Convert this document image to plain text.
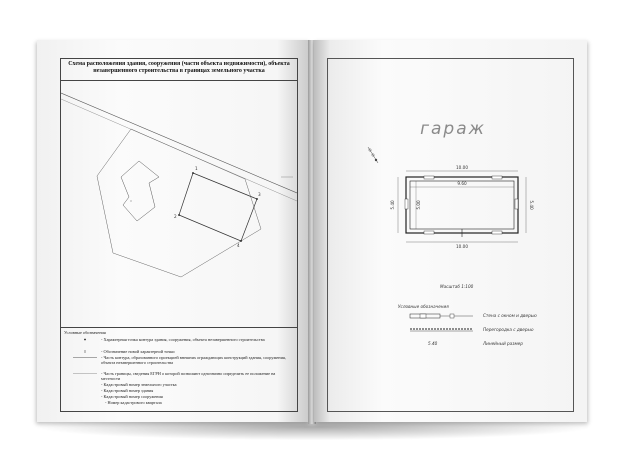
Схема расположения здания, сооружения (части объекта недвижимости), объекта незавершенного строительства в границах земельного участка
1
3
4
2
Условные обозначения
- Характерная точка контура здания, сооружения, объекта незавершенного строительства
- Обозначение новой характерной точки
- Часть контура, образованного проекцией внешних ограждающих конструкций здания, сооружения, объекта незавершенного строительства
- Часть границы, сведения ЕГРН о которой позволяют однозначно определить ее положение на местности
- Кадастровый номер земельного участка
- Кадастровый номер здания
- Кадастровый номер сооружения
- Номер кадастрового квартала
гараж
10.00
9.60
10.00
5.40	5.00	5.40
Масштаб 1:100
Условные обозначения
Стена с окном и дверью
Перегородка с дверью
5.40	Линейный размер
